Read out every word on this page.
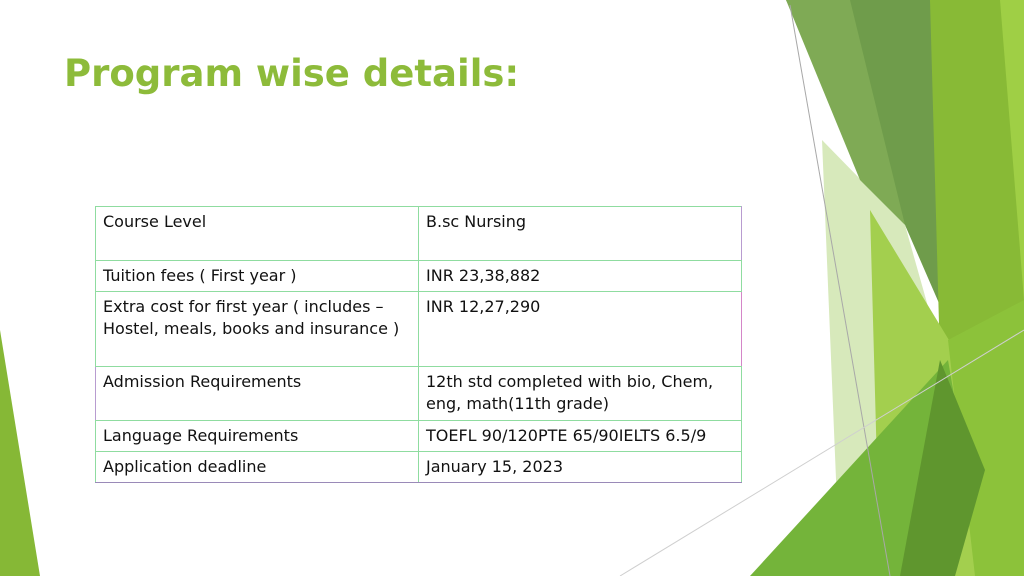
Program wise details:
Course Level	B.sc Nursing
Tuition fees ( First year )	INR 23,38,882
Extra cost for first year ( includes – Hostel, meals, books and insurance )	INR 12,27,290
Admission Requirements	12th std completed with bio, Chem, eng, math(11th grade)
Language Requirements	TOEFL 90/120PTE 65/90IELTS 6.5/9
Application deadline	January 15, 2023
